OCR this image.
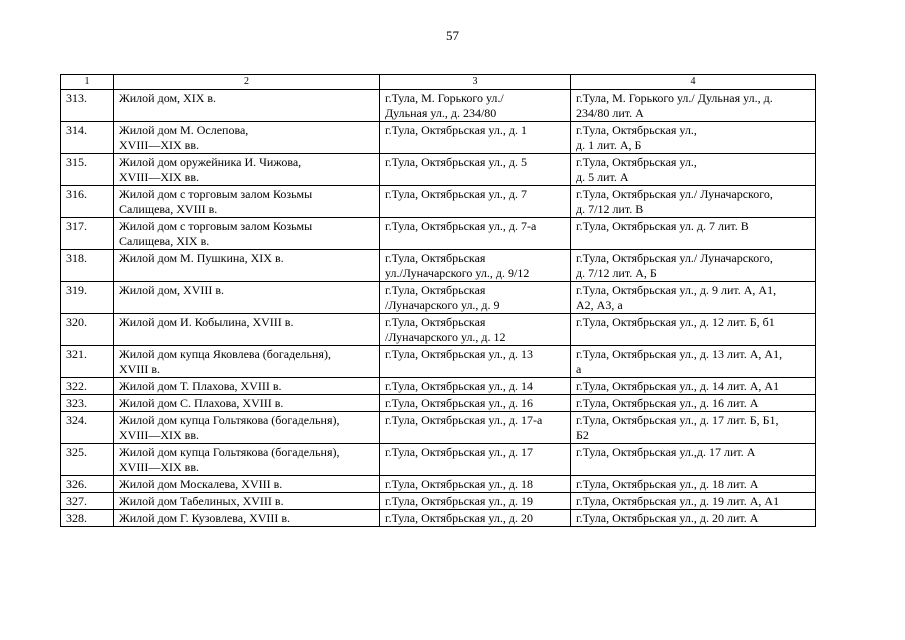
57
1	2	3	4
313.	Жилой дом, XIX в.	г.Тула, М. Горького ул./
Дульная ул., д. 234/80	г.Тула, М. Горького ул./ Дульная ул., д.
234/80 лит. А
314.	Жилой дом М. Ослепова,
XVIII—XIX вв.	г.Тула, Октябрьская ул., д. 1	г.Тула, Октябрьская ул.,
д. 1 лит. А, Б
315.	Жилой дом оружейника И. Чижова,
XVIII—XIX вв.	г.Тула, Октябрьская ул., д. 5	г.Тула, Октябрьская ул.,
д. 5 лит. А
316.	Жилой дом с торговым залом Козьмы
Салищева, XVIII в.	г.Тула, Октябрьская ул., д. 7	г.Тула, Октябрьская ул./ Луначарского,
д. 7/12 лит. В
317.	Жилой дом с торговым залом Козьмы
Салищева, XIX в.	г.Тула, Октябрьская ул., д. 7-а	г.Тула, Октябрьская ул. д. 7 лит. В
318.	Жилой дом М. Пушкина, XIX в.	г.Тула, Октябрьская
ул./Луначарского ул., д. 9/12	г.Тула, Октябрьская ул./ Луначарского,
д. 7/12 лит. А, Б
319.	Жилой дом, XVIII в.	г.Тула, Октябрьская
/Луначарского ул., д. 9	г.Тула, Октябрьская ул., д. 9 лит. А, А1,
А2, А3, а
320.	Жилой дом И. Кобылина, XVIII в.	г.Тула, Октябрьская
/Луначарского ул., д. 12	г.Тула, Октябрьская ул., д. 12 лит. Б, б1
321.	Жилой дом купца Яковлева (богадельня),
XVIII в.	г.Тула, Октябрьская ул., д. 13	г.Тула, Октябрьская ул., д. 13 лит. А, А1,
а
322.	Жилой дом Т. Плахова, XVIII в.	г.Тула, Октябрьская ул., д. 14	г.Тула, Октябрьская ул., д. 14 лит. А, А1
323.	Жилой дом С. Плахова, XVIII в.	г.Тула, Октябрьская ул., д. 16	г.Тула, Октябрьская ул., д. 16 лит. А
324.	Жилой дом купца Гольтякова (богадельня),
XVIII—XIX вв.	г.Тула, Октябрьская ул., д. 17-а	г.Тула, Октябрьская ул., д. 17 лит. Б, Б1,
Б2
325.	Жилой дом купца Гольтякова (богадельня),
XVIII—XIX вв.	г.Тула, Октябрьская ул., д. 17	г.Тула, Октябрьская ул.,д. 17 лит. А
326.	Жилой дом Москалева, XVIII в.	г.Тула, Октябрьская ул., д. 18	г.Тула, Октябрьская ул., д. 18 лит. А
327.	Жилой дом Табелиных, XVIII в.	г.Тула, Октябрьская ул., д. 19	г.Тула, Октябрьская ул., д. 19 лит. А, А1
328.	Жилой дом Г. Кузовлева, XVIII в.	г.Тула, Октябрьская ул., д. 20	г.Тула, Октябрьская ул., д. 20 лит. А
